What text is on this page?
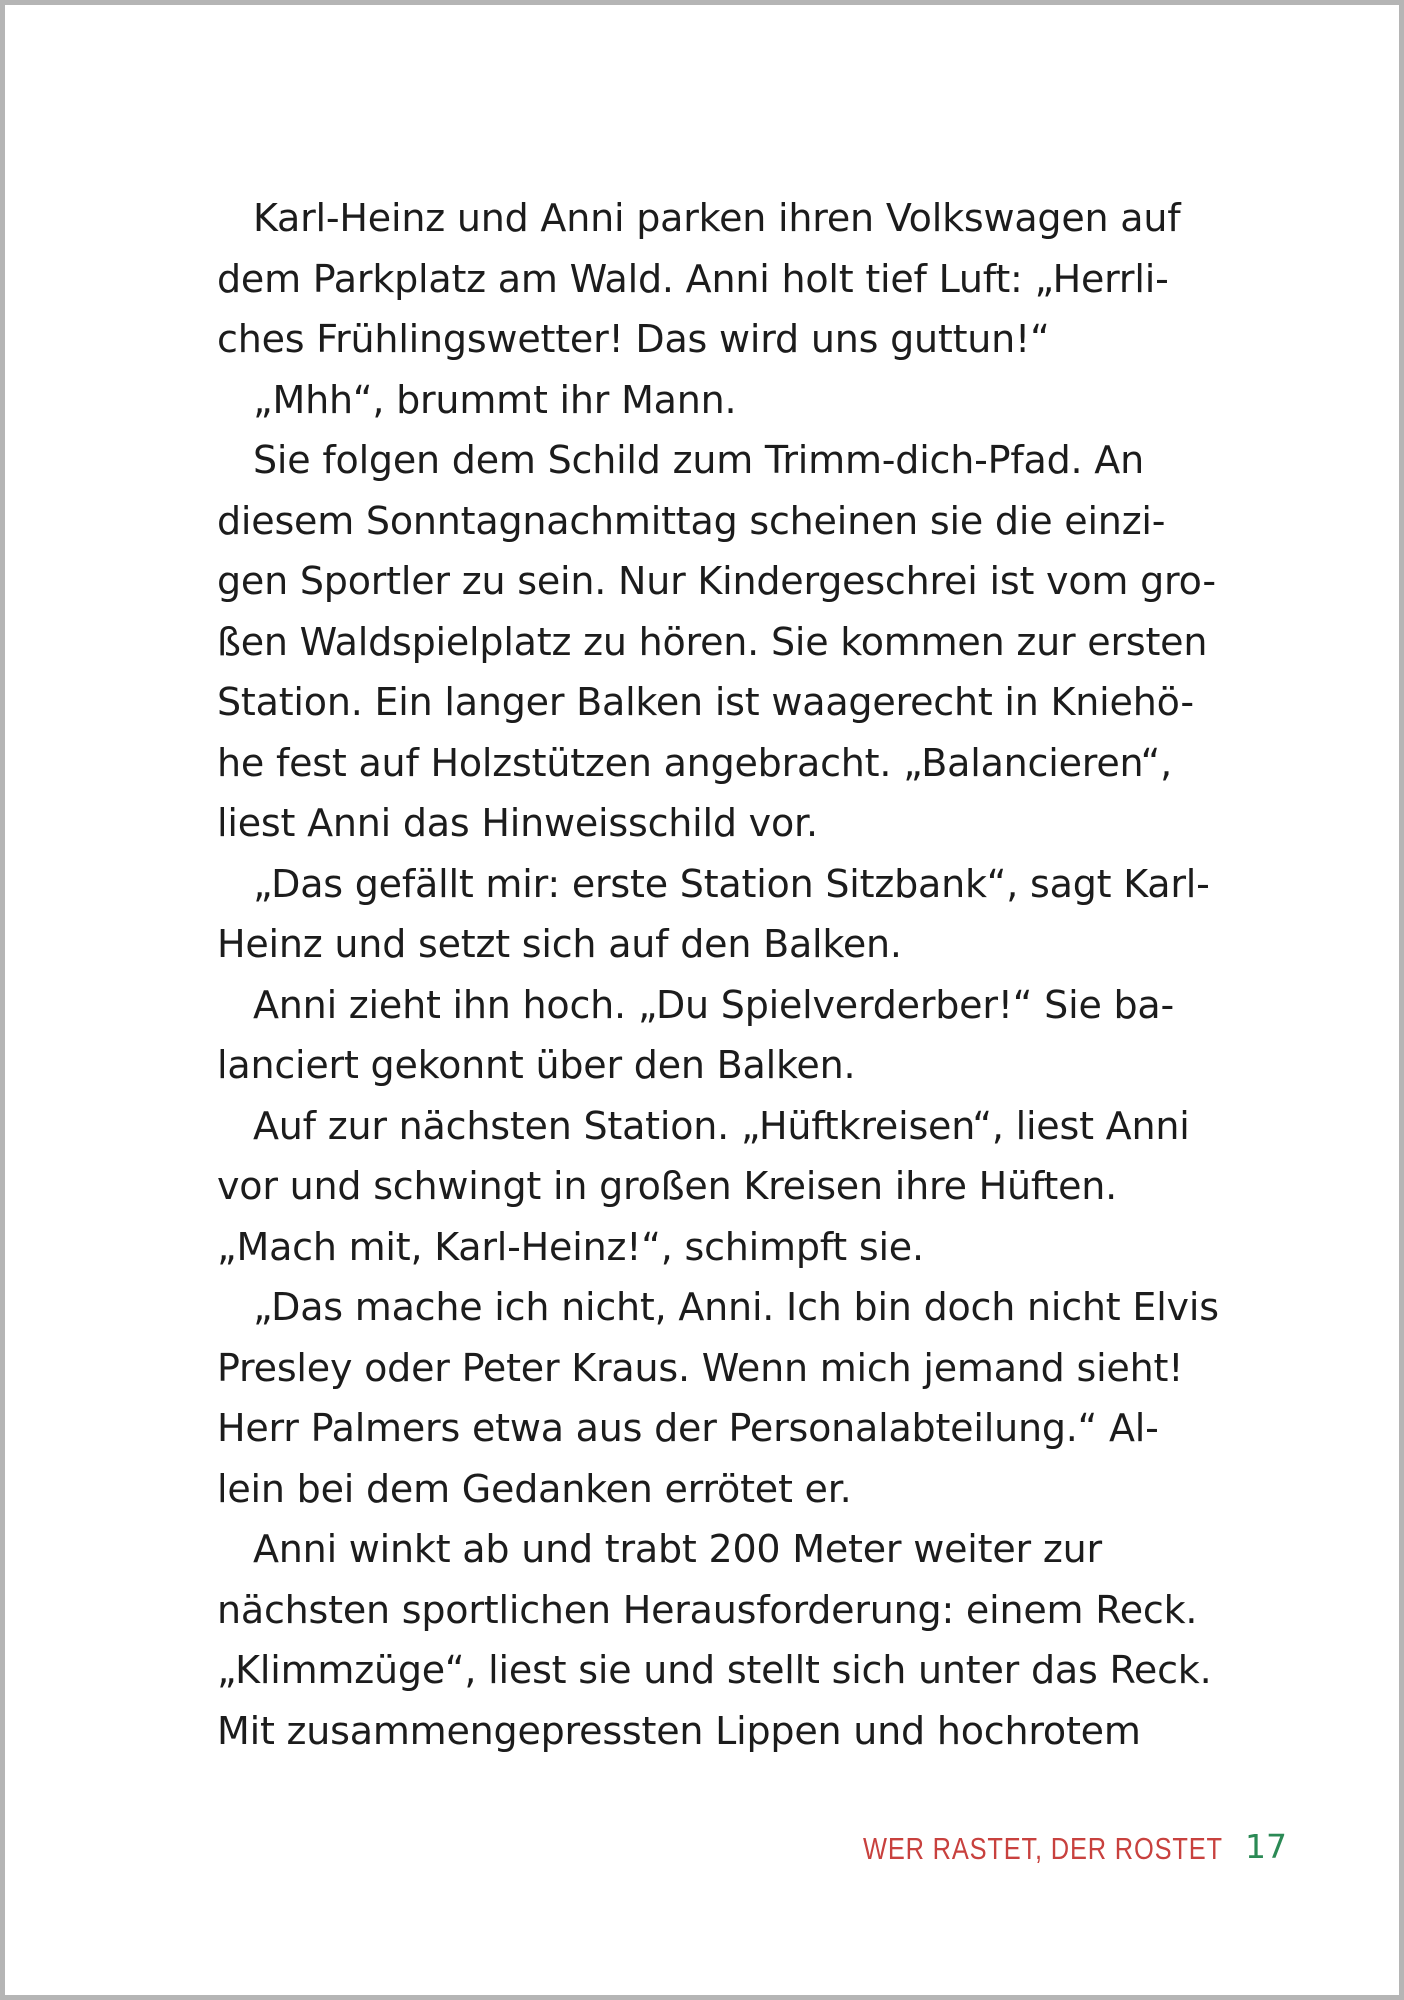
Karl-Heinz und Anni parken ihren Volkswagen auf
dem Parkplatz am Wald. Anni holt tief Luft: „Herrli-
ches Frühlingswetter! Das wird uns guttun!“
„Mhh“, brummt ihr Mann.
Sie folgen dem Schild zum Trimm-dich-Pfad. An
diesem Sonntagnachmittag scheinen sie die einzi-
gen Sportler zu sein. Nur Kindergeschrei ist vom gro-
ßen Waldspielplatz zu hören. Sie kommen zur ersten
Station. Ein langer Balken ist waagerecht in Kniehö-
he fest auf Holzstützen angebracht. „Balancieren“,
liest Anni das Hinweisschild vor.
„Das gefällt mir: erste Station Sitzbank“, sagt Karl-
Heinz und setzt sich auf den Balken.
Anni zieht ihn hoch. „Du Spielverderber!“ Sie ba-
lanciert gekonnt über den Balken.
Auf zur nächsten Station. „Hüftkreisen“, liest Anni
vor und schwingt in großen Kreisen ihre Hüften.
„Mach mit, Karl-Heinz!“, schimpft sie.
„Das mache ich nicht, Anni. Ich bin doch nicht Elvis
Presley oder Peter Kraus. Wenn mich jemand sieht!
Herr Palmers etwa aus der Personalabteilung.“ Al-
lein bei dem Gedanken errötet er.
Anni winkt ab und trabt 200 Meter weiter zur
nächsten sportlichen Herausforderung: einem Reck.
„Klimmzüge“, liest sie und stellt sich unter das Reck.
Mit zusammengepressten Lippen und hochrotem
WER RASTET, DER ROSTET 17
